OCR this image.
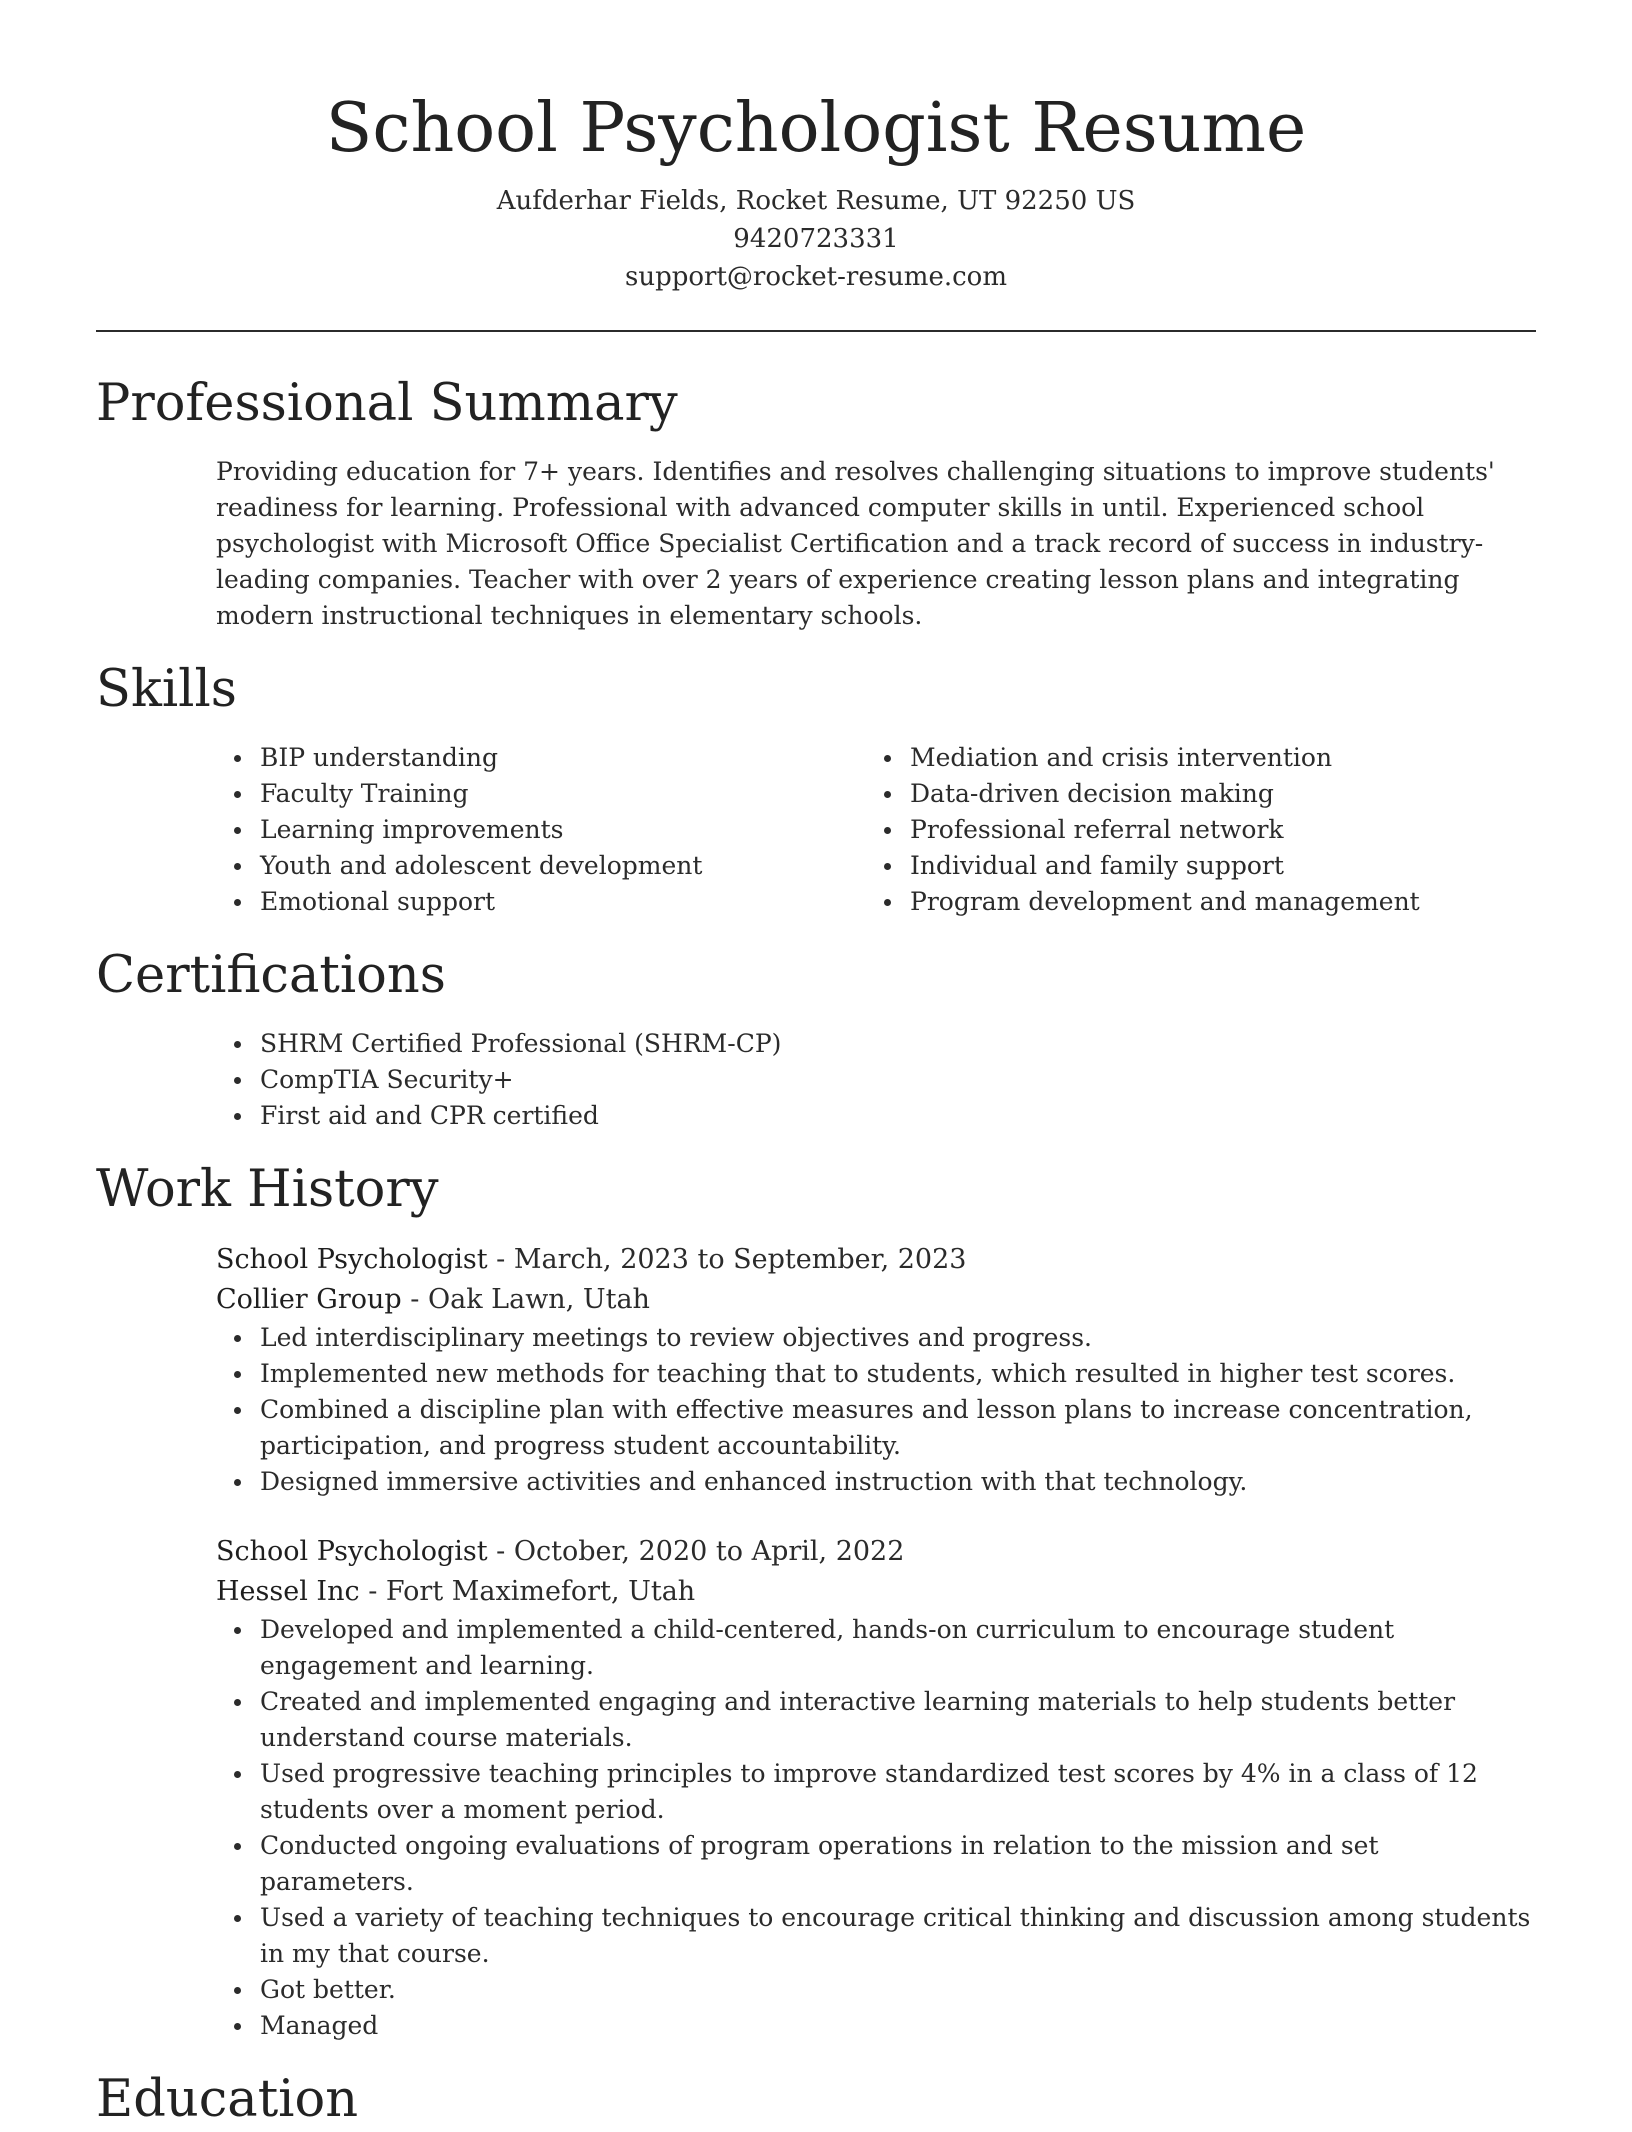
School Psychologist Resume
Aufderhar Fields, Rocket Resume, UT 92250 US
9420723331
support@rocket-resume.com
Professional Summary

Providing education for 7+ years. Identifies and resolves challenging situations to improve students' readiness for learning. Professional with advanced computer skills in until. Experienced school psychologist with Microsoft Office Specialist Certification and a track record of success in industry-leading companies. Teacher with over 2 years of experience creating lesson plans and integrating modern instructional techniques in elementary schools.

Skills
BIP understanding
Faculty Training
Learning improvements
Youth and adolescent development
Emotional support
Mediation and crisis intervention
Data-driven decision making
Professional referral network
Individual and family support
Program development and management
Certifications
SHRM Certified Professional (SHRM-CP)
CompTIA Security+
First aid and CPR certified
Work History
School Psychologist - March, 2023 to September, 2023
Collier Group - Oak Lawn, Utah
Led interdisciplinary meetings to review objectives and progress.
Implemented new methods for teaching that to students, which resulted in higher test scores.
Combined a discipline plan with effective measures and lesson plans to increase concentration, participation, and progress student accountability.
Designed immersive activities and enhanced instruction with that technology.
School Psychologist - October, 2020 to April, 2022
Hessel Inc - Fort Maximefort, Utah
Developed and implemented a child-centered, hands-on curriculum to encourage student engagement and learning.
Created and implemented engaging and interactive learning materials to help students better understand course materials.
Used progressive teaching principles to improve standardized test scores by 4% in a class of 12 students over a moment period.
Conducted ongoing evaluations of program operations in relation to the mission and set parameters.
Used a variety of teaching techniques to encourage critical thinking and discussion among students in my that course.
Got better.
Managed
Education
